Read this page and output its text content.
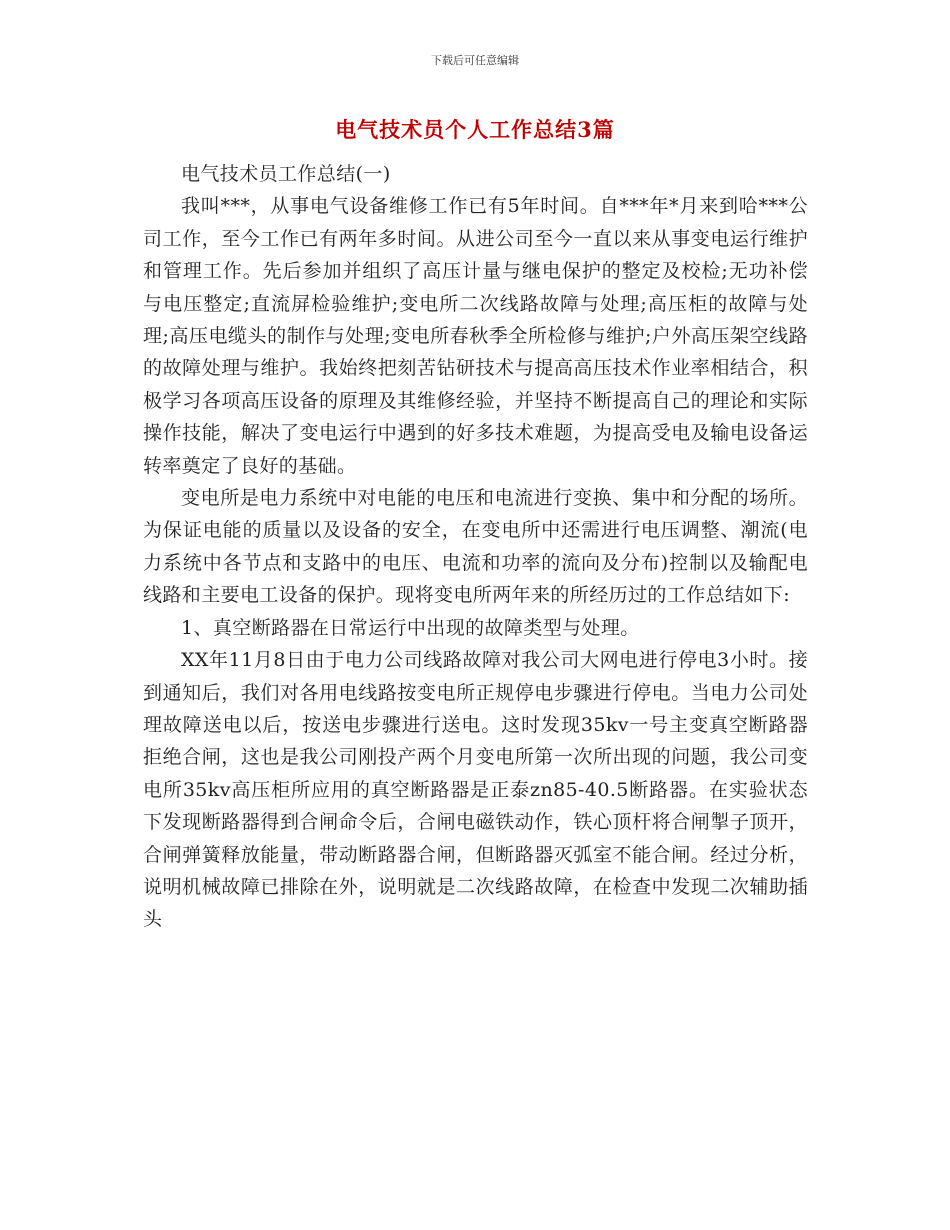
下载后可任意编辑
电气技术员个人工作总结3篇

电气技术员工作总结(一)

我叫***，从事电气设备维修工作已有5年时间。自***年*月来到哈***公司工作，至今工作已有两年多时间。从进公司至今一直以来从事变电运行维护和管理工作。先后参加并组织了高压计量与继电保护的整定及校检;无功补偿与电压整定;直流屏检验维护;变电所二次线路故障与处理;高压柜的故障与处理;高压电缆头的制作与处理;变电所春秋季全所检修与维护;户外高压架空线路的故障处理与维护。我始终把刻苦钻研技术与提高高压技术作业率相结合，积极学习各项高压设备的原理及其维修经验，并坚持不断提高自己的理论和实际操作技能，解决了变电运行中遇到的好多技术难题，为提高受电及输电设备运转率奠定了良好的基础。

变电所是电力系统中对电能的电压和电流进行变换、集中和分配的场所。为保证电能的质量以及设备的安全，在变电所中还需进行电压调整、潮流(电力系统中各节点和支路中的电压、电流和功率的流向及分布)控制以及输配电线路和主要电工设备的保护。现将变电所两年来的所经历过的工作总结如下:

1、真空断路器在日常运行中出现的故障类型与处理。

XX年11月8日由于电力公司线路故障对我公司大网电进行停电3小时。接到通知后，我们对各用电线路按变电所正规停电步骤进行停电。当电力公司处理故障送电以后，按送电步骤进行送电。这时发现35kv一号主变真空断路器拒绝合闸，这也是我公司刚投产两个月变电所第一次所出现的问题，我公司变电所35kv高压柜所应用的真空断路器是正泰zn85-40.5断路器。在实验状态下发现断路器得到合闸命令后，合闸电磁铁动作，铁心顶杆将合闸掣子顶开，合闸弹簧释放能量，带动断路器合闸，但断路器灭弧室不能合闸。经过分析，说明机械故障已排除在外，说明就是二次线路故障，在检查中发现二次辅助插头
